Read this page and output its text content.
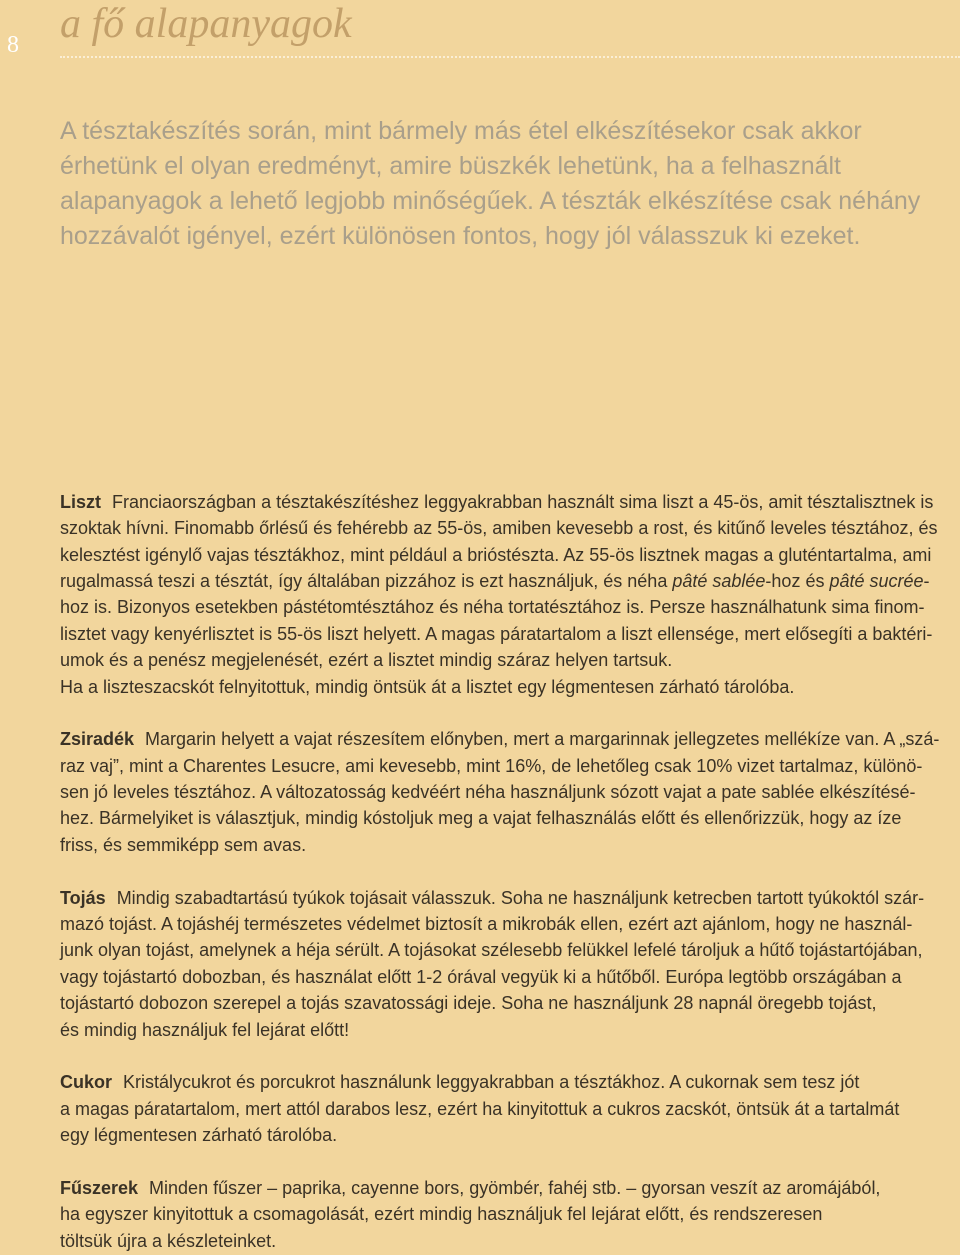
8 a fő alapanyagok
A tésztakészítés során, mint bármely más étel elkészítésekor csak akkor
érhetünk el olyan eredményt, amire büszkék lehetünk, ha a felhasznált
alapanyagok a lehető legjobb minőségűek. A tészták elkészítése csak néhány
hozzávalót igényel, ezért különösen fontos, hogy jól válasszuk ki ezeket.
Liszt Franciaországban a tésztakészítéshez leggyakrabban használt sima liszt a 45-ös, amit tésztalisztnek is
szoktak hívni. Finomabb őrlésű és fehérebb az 55-ös, amiben kevesebb a rost, és kitűnő leveles tésztához, és
kelesztést igénylő vajas tésztákhoz, mint például a brióstészta. Az 55-ös lisztnek magas a gluténtartalma, ami
rugalmassá teszi a tésztát, így általában pizzához is ezt használjuk, és néha pâté sablée-hoz és pâté sucrée-
hoz is. Bizonyos esetekben pástétomtésztához és néha tortatésztához is. Persze használhatunk sima finom-
lisztet vagy kenyérlisztet is 55-ös liszt helyett. A magas páratartalom a liszt ellensége, mert elősegíti a baktéri-
umok és a penész megjelenését, ezért a lisztet mindig száraz helyen tartsuk.
Ha a liszteszacskót felnyitottuk, mindig öntsük át a lisztet egy légmentesen zárható tárolóba.
Zsiradék Margarin helyett a vajat részesítem előnyben, mert a margarinnak jellegzetes mellékíze van. A „szá-
raz vaj”, mint a Charentes Lesucre, ami kevesebb, mint 16%, de lehetőleg csak 10% vizet tartalmaz, különö-
sen jó leveles tésztához. A változatosság kedvéért néha használjunk sózott vajat a pate sablée elkészítésé-
hez. Bármelyiket is választjuk, mindig kóstoljuk meg a vajat felhasználás előtt és ellenőrizzük, hogy az íze
friss, és semmiképp sem avas.
Tojás Mindig szabadtartású tyúkok tojásait válasszuk. Soha ne használjunk ketrecben tartott tyúkoktól szár-
mazó tojást. A tojáshéj természetes védelmet biztosít a mikrobák ellen, ezért azt ajánlom, hogy ne használ-
junk olyan tojást, amelynek a héja sérült. A tojásokat szélesebb felükkel lefelé tároljuk a hűtő tojástartójában,
vagy tojástartó dobozban, és használat előtt 1-2 órával vegyük ki a hűtőből. Európa legtöbb országában a
tojástartó dobozon szerepel a tojás szavatossági ideje. Soha ne használjunk 28 napnál öregebb tojást,
és mindig használjuk fel lejárat előtt!
Cukor Kristálycukrot és porcukrot használunk leggyakrabban a tésztákhoz. A cukornak sem tesz jót
a magas páratartalom, mert attól darabos lesz, ezért ha kinyitottuk a cukros zacskót, öntsük át a tartalmát
egy légmentesen zárható tárolóba.
Fűszerek Minden fűszer – paprika, cayenne bors, gyömbér, fahéj stb. – gyorsan veszít az aromájából,
ha egyszer kinyitottuk a csomagolását, ezért mindig használjuk fel lejárat előtt, és rendszeresen
töltsük újra a készleteinket.
